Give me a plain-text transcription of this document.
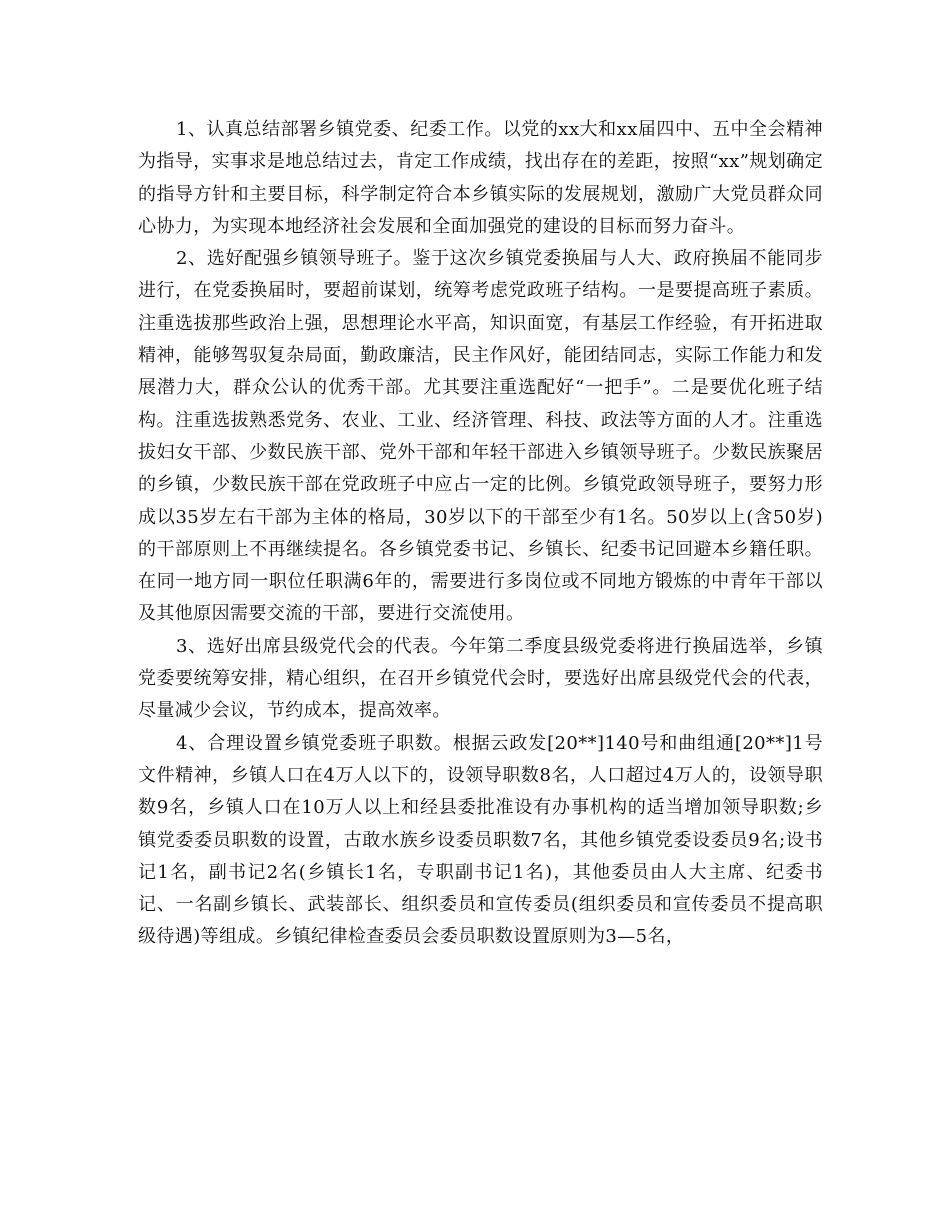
1、认真总结部署乡镇党委、纪委工作。以党的xx大和xx届四中、五中全会精神为指导，实事求是地总结过去，肯定工作成绩，找出存在的差距，按照“xx”规划确定的指导方针和主要目标，科学制定符合本乡镇实际的发展规划，激励广大党员群众同心协力，为实现本地经济社会发展和全面加强党的建设的目标而努力奋斗。

2、选好配强乡镇领导班子。鉴于这次乡镇党委换届与人大、政府换届不能同步进行，在党委换届时，要超前谋划，统筹考虑党政班子结构。一是要提高班子素质。注重选拔那些政治上强，思想理论水平高，知识面宽，有基层工作经验，有开拓进取精神，能够驾驭复杂局面，勤政廉洁，民主作风好，能团结同志，实际工作能力和发展潜力大，群众公认的优秀干部。尤其要注重选配好“一把手”。二是要优化班子结构。注重选拔熟悉党务、农业、工业、经济管理、科技、政法等方面的人才。注重选拔妇女干部、少数民族干部、党外干部和年轻干部进入乡镇领导班子。少数民族聚居的乡镇，少数民族干部在党政班子中应占一定的比例。乡镇党政领导班子，要努力形成以35岁左右干部为主体的格局，30岁以下的干部至少有1名。50岁以上(含50岁)的干部原则上不再继续提名。各乡镇党委书记、乡镇长、纪委书记回避本乡籍任职。在同一地方同一职位任职满6年的，需要进行多岗位或不同地方锻炼的中青年干部以及其他原因需要交流的干部，要进行交流使用。

3、选好出席县级党代会的代表。今年第二季度县级党委将进行换届选举，乡镇党委要统筹安排，精心组织，在召开乡镇党代会时，要选好出席县级党代会的代表，尽量减少会议，节约成本，提高效率。

4、合理设置乡镇党委班子职数。根据云政发[20**]140号和曲组通[20**]1号文件精神，乡镇人口在4万人以下的，设领导职数8名，人口超过4万人的，设领导职数9名，乡镇人口在10万人以上和经县委批准设有办事机构的适当增加领导职数;乡镇党委委员职数的设置，古敢水族乡设委员职数7名，其他乡镇党委设委员9名;设书记1名，副书记2名(乡镇长1名，专职副书记1名)，其他委员由人大主席、纪委书记、一名副乡镇长、武装部长、组织委员和宣传委员(组织委员和宣传委员不提高职级待遇)等组成。乡镇纪律检查委员会委员职数设置原则为3—5名，
